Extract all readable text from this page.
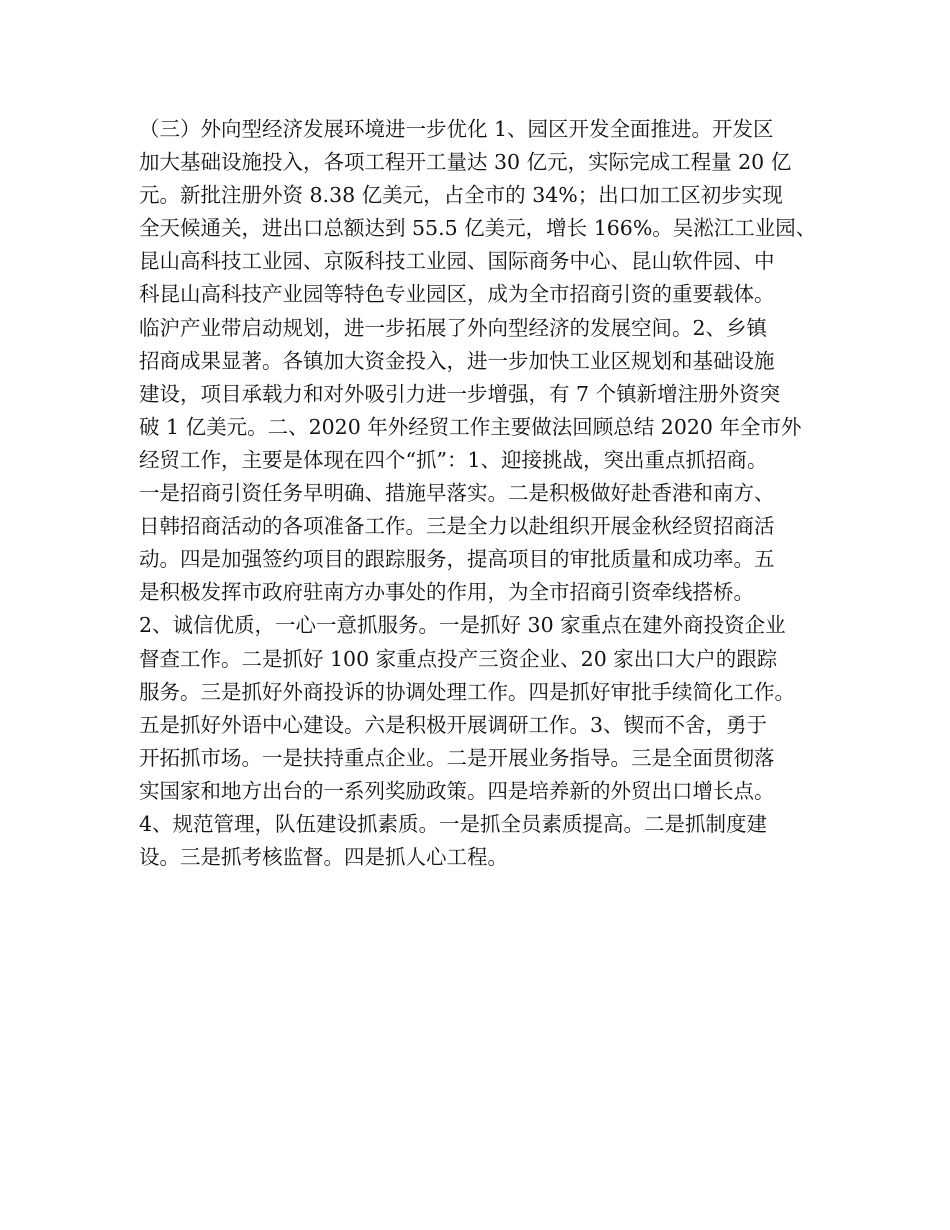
（三）外向型经济发展环境进一步优化 1、园区开发全面推进。开发区
加大基础设施投入，各项工程开工量达 30 亿元，实际完成工程量 20 亿
元。新批注册外资 8.38 亿美元，占全市的 34%；出口加工区初步实现
全天候通关，进出口总额达到 55.5 亿美元，增长 166%。吴淞江工业园、
昆山高科技工业园、京阪科技工业园、国际商务中心、昆山软件园、中
科昆山高科技产业园等特色专业园区，成为全市招商引资的重要载体。
临沪产业带启动规划，进一步拓展了外向型经济的发展空间。2、乡镇
招商成果显著。各镇加大资金投入，进一步加快工业区规划和基础设施
建设，项目承载力和对外吸引力进一步增强，有 7 个镇新增注册外资突
破 1 亿美元。二、2020 年外经贸工作主要做法回顾总结 2020 年全市外
经贸工作，主要是体现在四个“抓”：1、迎接挑战，突出重点抓招商。
一是招商引资任务早明确、措施早落实。二是积极做好赴香港和南方、
日韩招商活动的各项准备工作。三是全力以赴组织开展金秋经贸招商活
动。四是加强签约项目的跟踪服务，提高项目的审批质量和成功率。五
是积极发挥市政府驻南方办事处的作用，为全市招商引资牵线搭桥。
2、诚信优质，一心一意抓服务。一是抓好 30 家重点在建外商投资企业
督查工作。二是抓好 100 家重点投产三资企业、20 家出口大户的跟踪
服务。三是抓好外商投诉的协调处理工作。四是抓好审批手续简化工作。
五是抓好外语中心建设。六是积极开展调研工作。3、锲而不舍，勇于
开拓抓市场。一是扶持重点企业。二是开展业务指导。三是全面贯彻落
实国家和地方出台的一系列奖励政策。四是培养新的外贸出口增长点。
4、规范管理，队伍建设抓素质。一是抓全员素质提高。二是抓制度建
设。三是抓考核监督。四是抓人心工程。
